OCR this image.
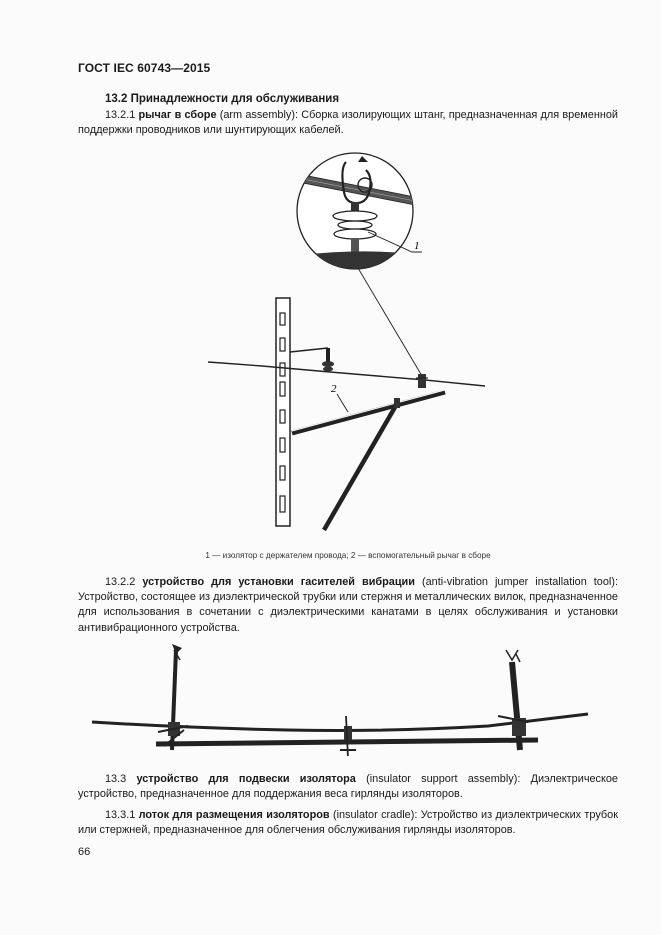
ГОСТ IEC 60743—2015
13.2 Принадлежности для обслуживания
13.2.1 рычаг в сборе (arm assembly): Сборка изолирующих штанг, предназначенная для временной поддержки проводников или шунтирующих кабелей.
1
2
1 — изолятор с держателем провода; 2 — вспомогательный рычаг в сборе
13.2.2 устройство для установки гасителей вибрации (anti-vibration jumper installation tool): Устройство, состоящее из диэлектрической трубки или стержня и металлических вилок, предназначенное для использования в сочетании с диэлектрическими канатами в целях обслуживания и установки антивибрационного устройства.
13.3 устройство для подвески изолятора (insulator support assembly): Диэлектрическое устройство, предназначенное для поддержания веса гирлянды изоляторов.
13.3.1 лоток для размещения изоляторов (insulator cradle): Устройство из диэлектрических трубок или стержней, предназначенное для облегчения обслуживания гирлянды изоляторов.
66
